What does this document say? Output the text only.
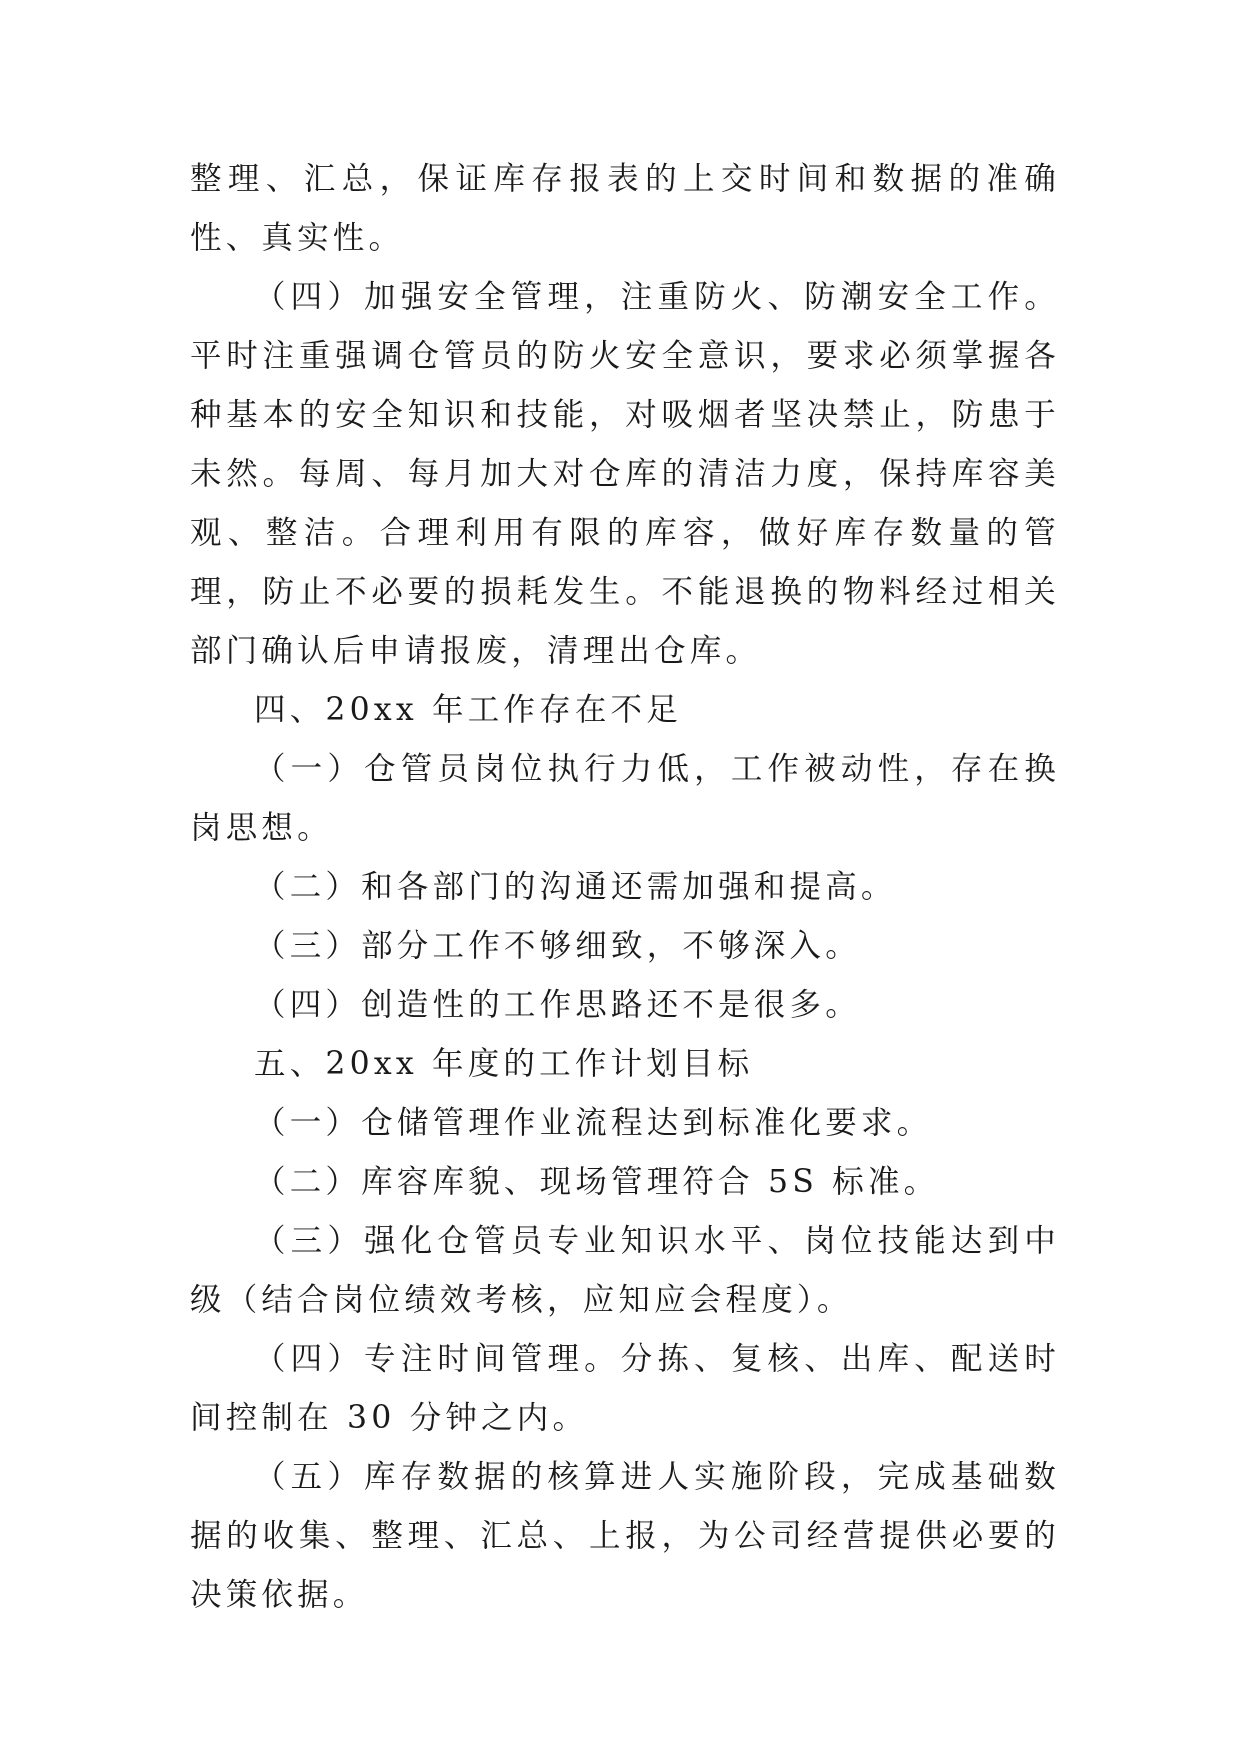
整理、汇总，保证库存报表的上交时间和数据的准确性、真实性。

（四）加强安全管理，注重防火、防潮安全工作。平时注重强调仓管员的防火安全意识，要求必须掌握各种基本的安全知识和技能，对吸烟者坚决禁止，防患于未然。每周、每月加大对仓库的清洁力度，保持库容美观、整洁。合理利用有限的库容，做好库存数量的管理，防止不必要的损耗发生。不能退换的物料经过相关部门确认后申请报废，清理出仓库。

四、20xx 年工作存在不足

（一）仓管员岗位执行力低，工作被动性，存在换岗思想。

（二）和各部门的沟通还需加强和提高。

（三）部分工作不够细致，不够深入。

（四）创造性的工作思路还不是很多。

五、20xx 年度的工作计划目标

（一）仓储管理作业流程达到标准化要求。

（二）库容库貌、现场管理符合 5S 标准。

（三）强化仓管员专业知识水平、岗位技能达到中级（结合岗位绩效考核，应知应会程度）。

（四）专注时间管理。分拣、复核、出库、配送时间控制在 30 分钟之内。

（五）库存数据的核算进人实施阶段，完成基础数据的收集、整理、汇总、上报，为公司经营提供必要的决策依据。
